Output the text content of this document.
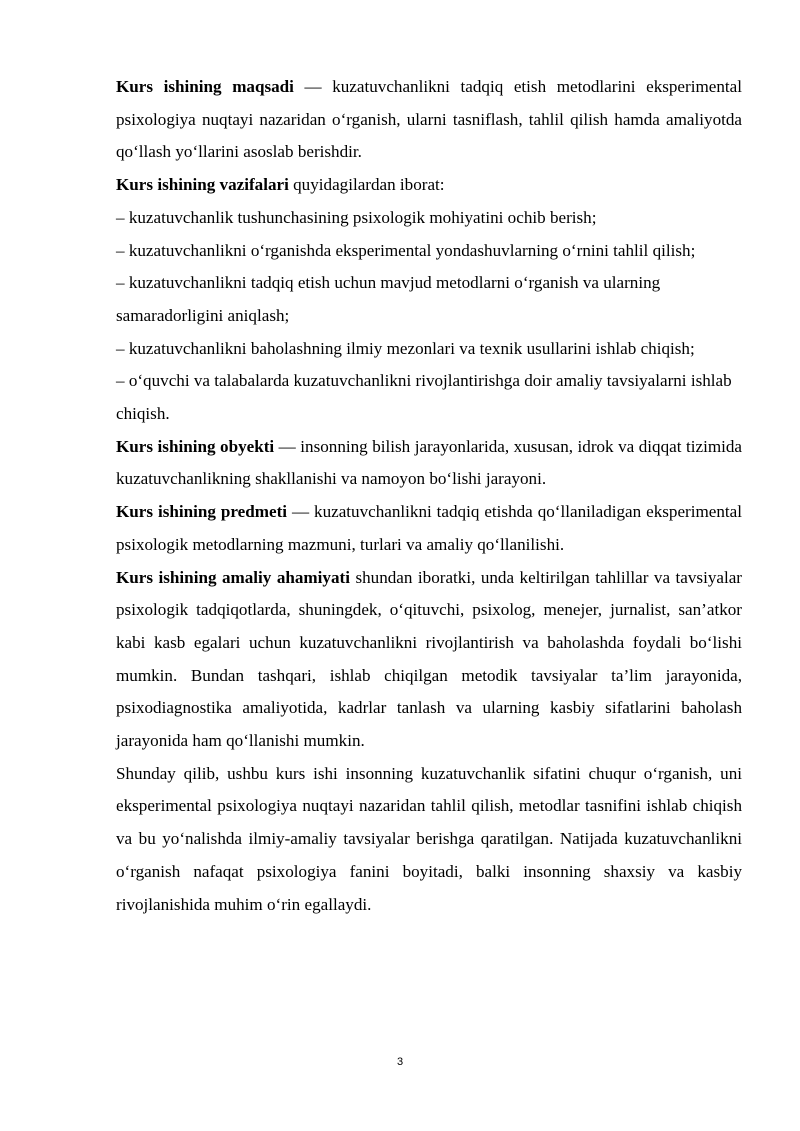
Kurs ishining maqsadi — kuzatuvchanlikni tadqiq etish metodlarini eksperimental psixologiya nuqtayi nazaridan oʻrganish, ularni tasniflash, tahlil qilish hamda amaliyotda qoʻllash yoʻllarini asoslab berishdir.

Kurs ishining vazifalari quyidagilardan iborat:

– kuzatuvchanlik tushunchasining psixologik mohiyatini ochib berish;

– kuzatuvchanlikni oʻrganishda eksperimental yondashuvlarning oʻrnini tahlil qilish;

– kuzatuvchanlikni tadqiq etish uchun mavjud metodlarni oʻrganish va ularning samaradorligini aniqlash;

– kuzatuvchanlikni baholashning ilmiy mezonlari va texnik usullarini ishlab chiqish;

– oʻquvchi va talabalarda kuzatuvchanlikni rivojlantirishga doir amaliy tavsiyalarni ishlab chiqish.

Kurs ishining obyekti — insonning bilish jarayonlarida, xususan, idrok va diqqat tizimida kuzatuvchanlikning shakllanishi va namoyon boʻlishi jarayoni.

Kurs ishining predmeti — kuzatuvchanlikni tadqiq etishda qoʻllaniladigan eksperimental psixologik metodlarning mazmuni, turlari va amaliy qoʻllanilishi.

Kurs ishining amaliy ahamiyati shundan iboratki, unda keltirilgan tahlillar va tavsiyalar psixologik tadqiqotlarda, shuningdek, oʻqituvchi, psixolog, menejer, jurnalist, san’atkor kabi kasb egalari uchun kuzatuvchanlikni rivojlantirish va baholashda foydali boʻlishi mumkin. Bundan tashqari, ishlab chiqilgan metodik tavsiyalar ta’lim jarayonida, psixodiagnostika amaliyotida, kadrlar tanlash va ularning kasbiy sifatlarini baholash jarayonida ham qoʻllanishi mumkin.

Shunday qilib, ushbu kurs ishi insonning kuzatuvchanlik sifatini chuqur oʻrganish, uni eksperimental psixologiya nuqtayi nazaridan tahlil qilish, metodlar tasnifini ishlab chiqish va bu yoʻnalishda ilmiy-amaliy tavsiyalar berishga qaratilgan. Natijada kuzatuvchanlikni oʻrganish nafaqat psixologiya fanini boyitadi, balki insonning shaxsiy va kasbiy rivojlanishida muhim oʻrin egallaydi.

3
